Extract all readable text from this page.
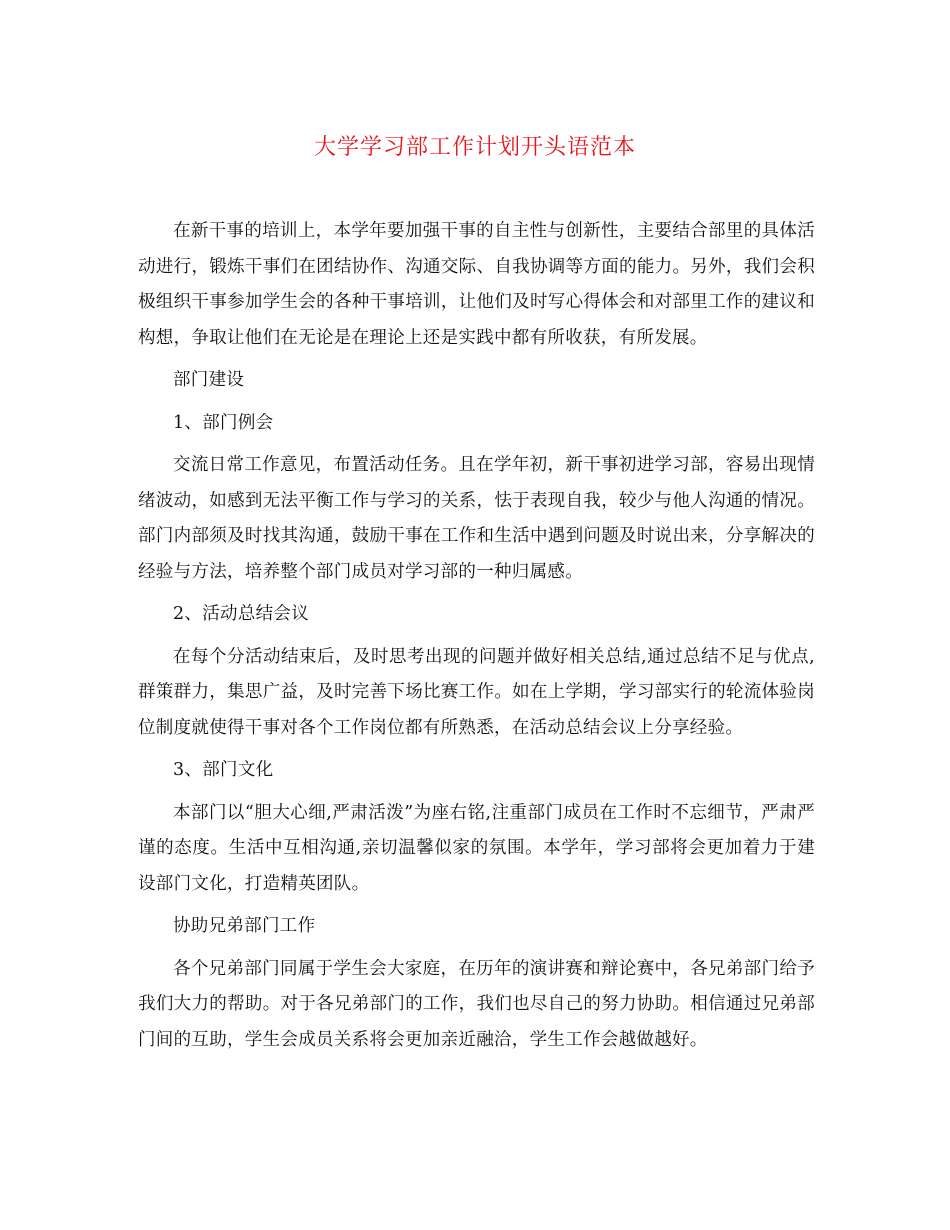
大学学习部工作计划开头语范本

在新干事的培训上，本学年要加强干事的自主性与创新性，主要结合部里的具体活动进行，锻炼干事们在团结协作、沟通交际、自我协调等方面的能力。另外，我们会积极组织干事参加学生会的各种干事培训，让他们及时写心得体会和对部里工作的建议和构想，争取让他们在无论是在理论上还是实践中都有所收获，有所发展。

部门建设

1、部门例会

交流日常工作意见，布置活动任务。且在学年初，新干事初进学习部，容易出现情绪波动，如感到无法平衡工作与学习的关系，怯于表现自我，较少与他人沟通的情况。部门内部须及时找其沟通，鼓励干事在工作和生活中遇到问题及时说出来，分享解决的经验与方法，培养整个部门成员对学习部的一种归属感。

2、活动总结会议

在每个分活动结束后，及时思考出现的问题并做好相关总结,通过总结不足与优点,群策群力，集思广益，及时完善下场比赛工作。如在上学期，学习部实行的轮流体验岗位制度就使得干事对各个工作岗位都有所熟悉，在活动总结会议上分享经验。

3、部门文化

本部门以“胆大心细,严肃活泼”为座右铭,注重部门成员在工作时不忘细节，严肃严谨的态度。生活中互相沟通,亲切温馨似家的氛围。本学年，学习部将会更加着力于建设部门文化，打造精英团队。

协助兄弟部门工作

各个兄弟部门同属于学生会大家庭，在历年的演讲赛和辩论赛中，各兄弟部门给予我们大力的帮助。对于各兄弟部门的工作，我们也尽自己的努力协助。相信通过兄弟部门间的互助，学生会成员关系将会更加亲近融洽，学生工作会越做越好。
